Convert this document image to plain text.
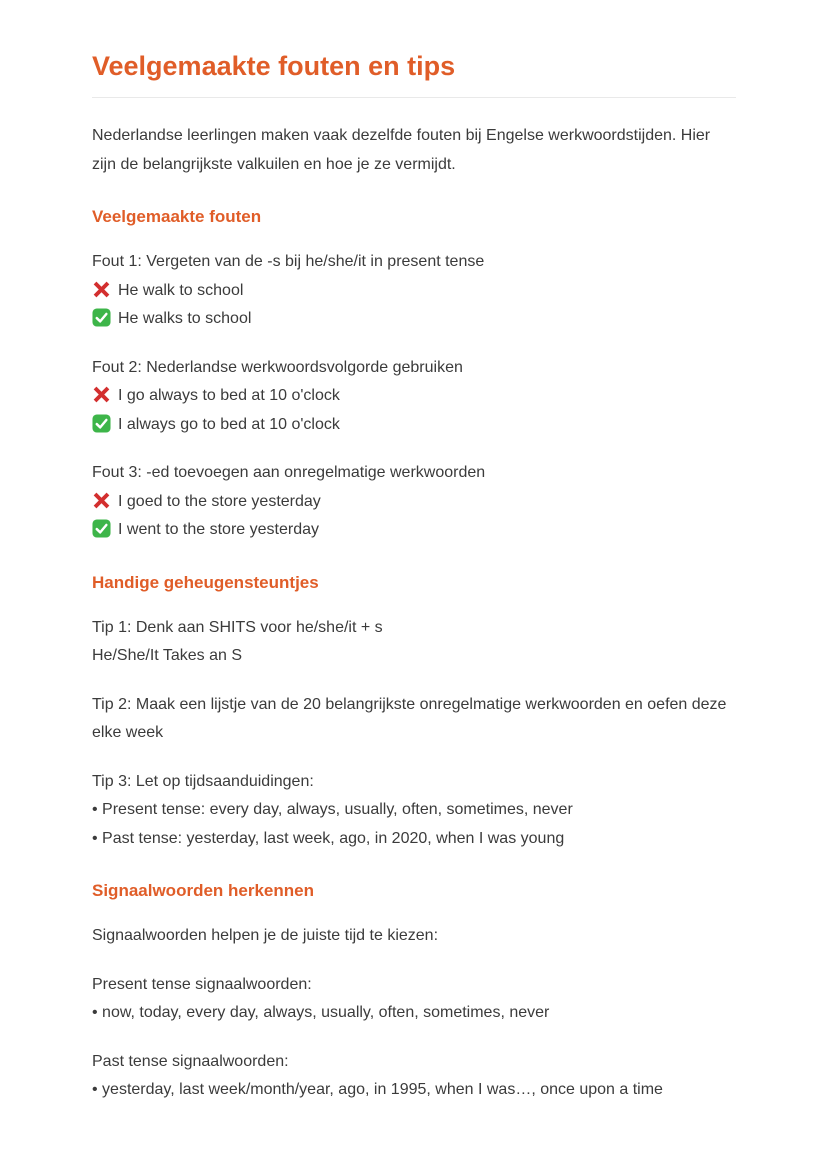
Veelgemaakte fouten en tips

Nederlandse leerlingen maken vaak dezelfde fouten bij Engelse werkwoordstijden. Hier zijn de belangrijkste valkuilen en hoe je ze vermijdt.

Veelgemaakte fouten
Fout 1: Vergeten van de -s bij he/she/it in present tense
He walk to school
He walks to school
Fout 2: Nederlandse werkwoordsvolgorde gebruiken
I go always to bed at 10 o'clock
I always go to bed at 10 o'clock
Fout 3: -ed toevoegen aan onregelmatige werkwoorden
I goed to the store yesterday
I went to the store yesterday
Handige geheugensteuntjes
Tip 1: Denk aan SHITS voor he/she/it + s
He/She/It Takes an S
Tip 2: Maak een lijstje van de 20 belangrijkste onregelmatige werkwoorden en oefen deze elke week
Tip 3: Let op tijdsaanduidingen:
• Present tense: every day, always, usually, often, sometimes, never
• Past tense: yesterday, last week, ago, in 2020, when I was young
Signaalwoorden herkennen

Signaalwoorden helpen je de juiste tijd te kiezen:

Present tense signaalwoorden:
• now, today, every day, always, usually, often, sometimes, never
Past tense signaalwoorden:
• yesterday, last week/month/year, ago, in 1995, when I was…, once upon a time
